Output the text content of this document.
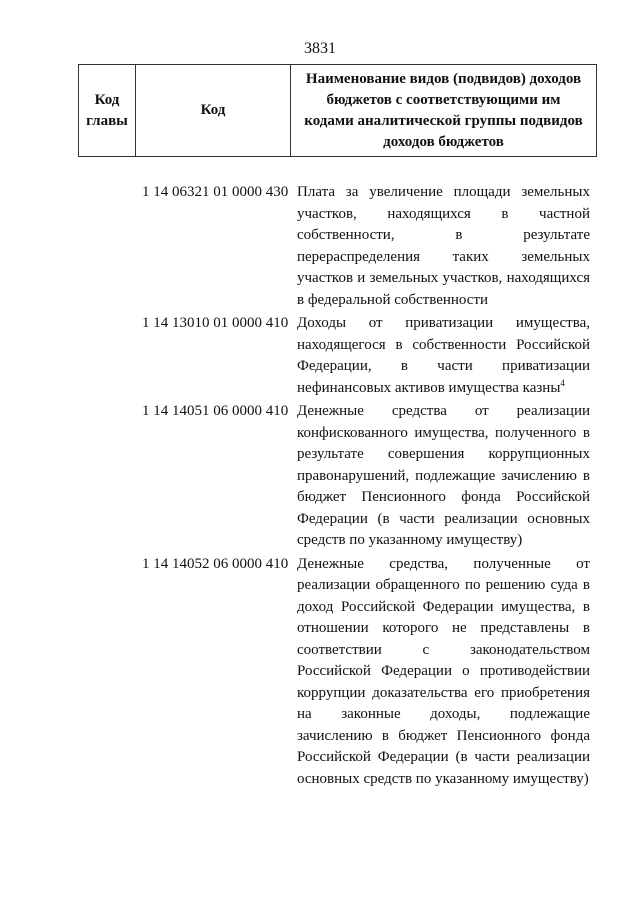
3831
Код главы
Код
Наименование видов (подвидов) доходов бюджетов с соответствующими им кодами аналитической группы подвидов доходов бюджетов
1 14 06321 01 0000 430 Плата за увеличение площади земельных участков, находящихся в частной собственности, в результате перераспределения таких земельных участков и земельных участков, находящихся в федеральной собственности
1 14 13010 01 0000 410 Доходы от приватизации имущества, находящегося в собственности Российской Федерации, в части приватизации нефинансовых активов имущества казны$^4$
1 14 14051 06 0000 410 Денежные средства от реализации конфискованного имущества, полученного в результате совершения коррупционных правонарушений, подлежащие зачислению в бюджет Пенсионного фонда Российской Федерации (в части реализации основных средств по указанному имуществу)
1 14 14052 06 0000 410 Денежные средства, полученные от реализации обращенного по решению суда в доход Российской Федерации имущества, в отношении которого не представлены в соответствии с законодательством Российской Федерации о противодействии коррупции доказательства его приобретения на законные доходы, подлежащие зачислению в бюджет Пенсионного фонда Российской Федерации (в части реализации основных средств по указанному имуществу)
